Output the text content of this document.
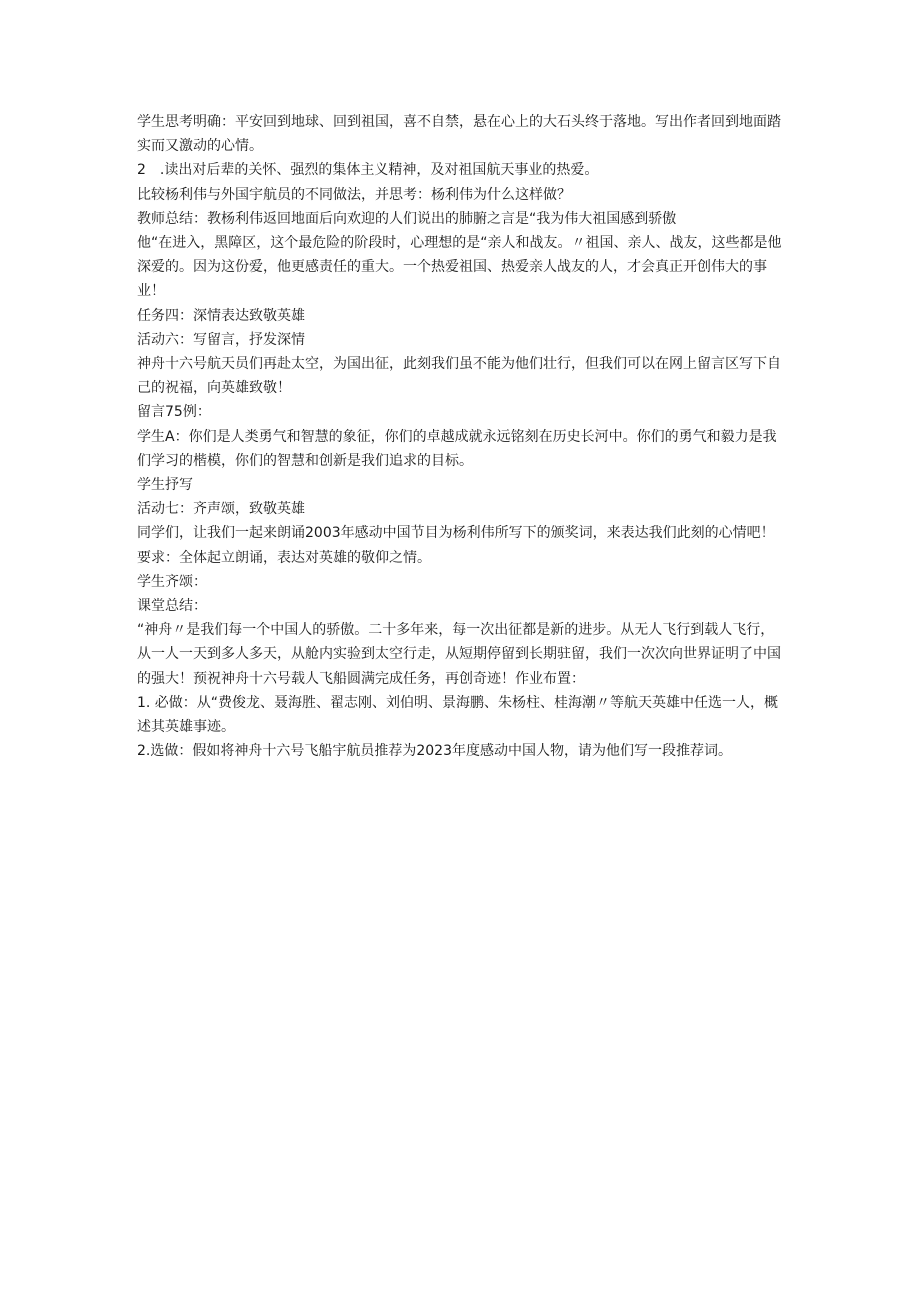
学生思考明确：平安回到地球、回到祖国，喜不自禁，悬在心上的大石头终于落地。写出作者回到地面踏实而又激动的心情。

2　.读出对后辈的关怀、强烈的集体主义精神，及对祖国航天事业的热爱。

比较杨利伟与外国宇航员的不同做法，并思考：杨利伟为什么这样做？

教师总结：教杨利伟返回地面后向欢迎的人们说出的肺腑之言是“我为伟大祖国感到骄傲

他“在进入，黑障区，这个最危险的阶段时，心理想的是“亲人和战友。〃祖国、亲人、战友，这些都是他深爱的。因为这份爱，他更感责任的重大。一个热爱祖国、热爱亲人战友的人，才会真正开创伟大的事业！

任务四：深情表达致敬英雄

活动六：写留言，抒发深情

神舟十六号航天员们再赴太空，为国出征，此刻我们虽不能为他们壮行，但我们可以在网上留言区写下自己的祝福，向英雄致敬！

留言75例：

学生A：你们是人类勇气和智慧的象征，你们的卓越成就永远铭刻在历史长河中。你们的勇气和毅力是我们学习的楷模，你们的智慧和创新是我们追求的目标。

学生抒写

活动七：齐声颂，致敬英雄

同学们，让我们一起来朗诵2003年感动中国节目为杨利伟所写下的颁奖词，来表达我们此刻的心情吧！

要求：全体起立朗诵，表达对英雄的敬仰之情。

学生齐颂：

课堂总结：

“神舟〃是我们每一个中国人的骄傲。二十多年来，每一次出征都是新的进步。从无人飞行到载人飞行，从一人一天到多人多天，从舱内实验到太空行走，从短期停留到长期驻留，我们一次次向世界证明了中国的强大！预祝神舟十六号载人飞船圆满完成任务，再创奇迹！作业布置：

1. 必做：从“费俊龙、聂海胜、翟志刚、刘伯明、景海鹏、朱杨柱、桂海潮〃等航天英雄中任选一人，概述其英雄事迹。

2.选做：假如将神舟十六号飞船宇航员推荐为2023年度感动中国人物，请为他们写一段推荐词。
